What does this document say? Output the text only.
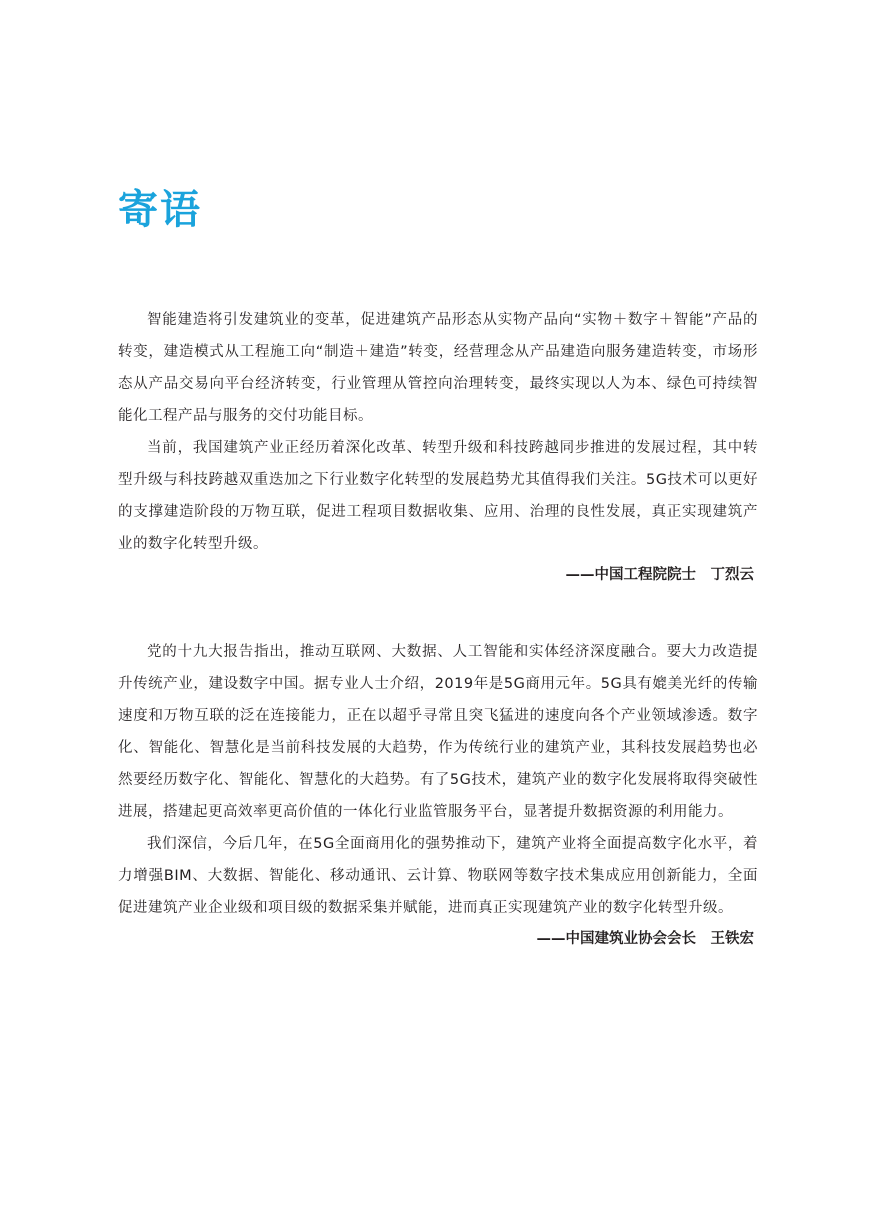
寄语

智能建造将引发建筑业的变革，促进建筑产品形态从实物产品向“实物＋数字＋智能”产品的转变，建造模式从工程施工向“制造＋建造”转变，经营理念从产品建造向服务建造转变，市场形态从产品交易向平台经济转变，行业管理从管控向治理转变，最终实现以人为本、绿色可持续智能化工程产品与服务的交付功能目标。

当前，我国建筑产业正经历着深化改革、转型升级和科技跨越同步推进的发展过程，其中转型升级与科技跨越双重迭加之下行业数字化转型的发展趋势尤其值得我们关注。5G技术可以更好的支撑建造阶段的万物互联，促进工程项目数据收集、应用、治理的良性发展，真正实现建筑产业的数字化转型升级。

——中国工程院院士　丁烈云

党的十九大报告指出，推动互联网、大数据、人工智能和实体经济深度融合。要大力改造提升传统产业，建设数字中国。据专业人士介绍，2019年是5G商用元年。5G具有媲美光纤的传输速度和万物互联的泛在连接能力，正在以超乎寻常且突飞猛进的速度向各个产业领域渗透。数字化、智能化、智慧化是当前科技发展的大趋势，作为传统行业的建筑产业，其科技发展趋势也必然要经历数字化、智能化、智慧化的大趋势。有了5G技术，建筑产业的数字化发展将取得突破性进展，搭建起更高效率更高价值的一体化行业监管服务平台，显著提升数据资源的利用能力。

我们深信，今后几年，在5G全面商用化的强势推动下，建筑产业将全面提高数字化水平，着力增强BIM、大数据、智能化、移动通讯、云计算、物联网等数字技术集成应用创新能力，全面促进建筑产业企业级和项目级的数据采集并赋能，进而真正实现建筑产业的数字化转型升级。

——中国建筑业协会会长　王铁宏
